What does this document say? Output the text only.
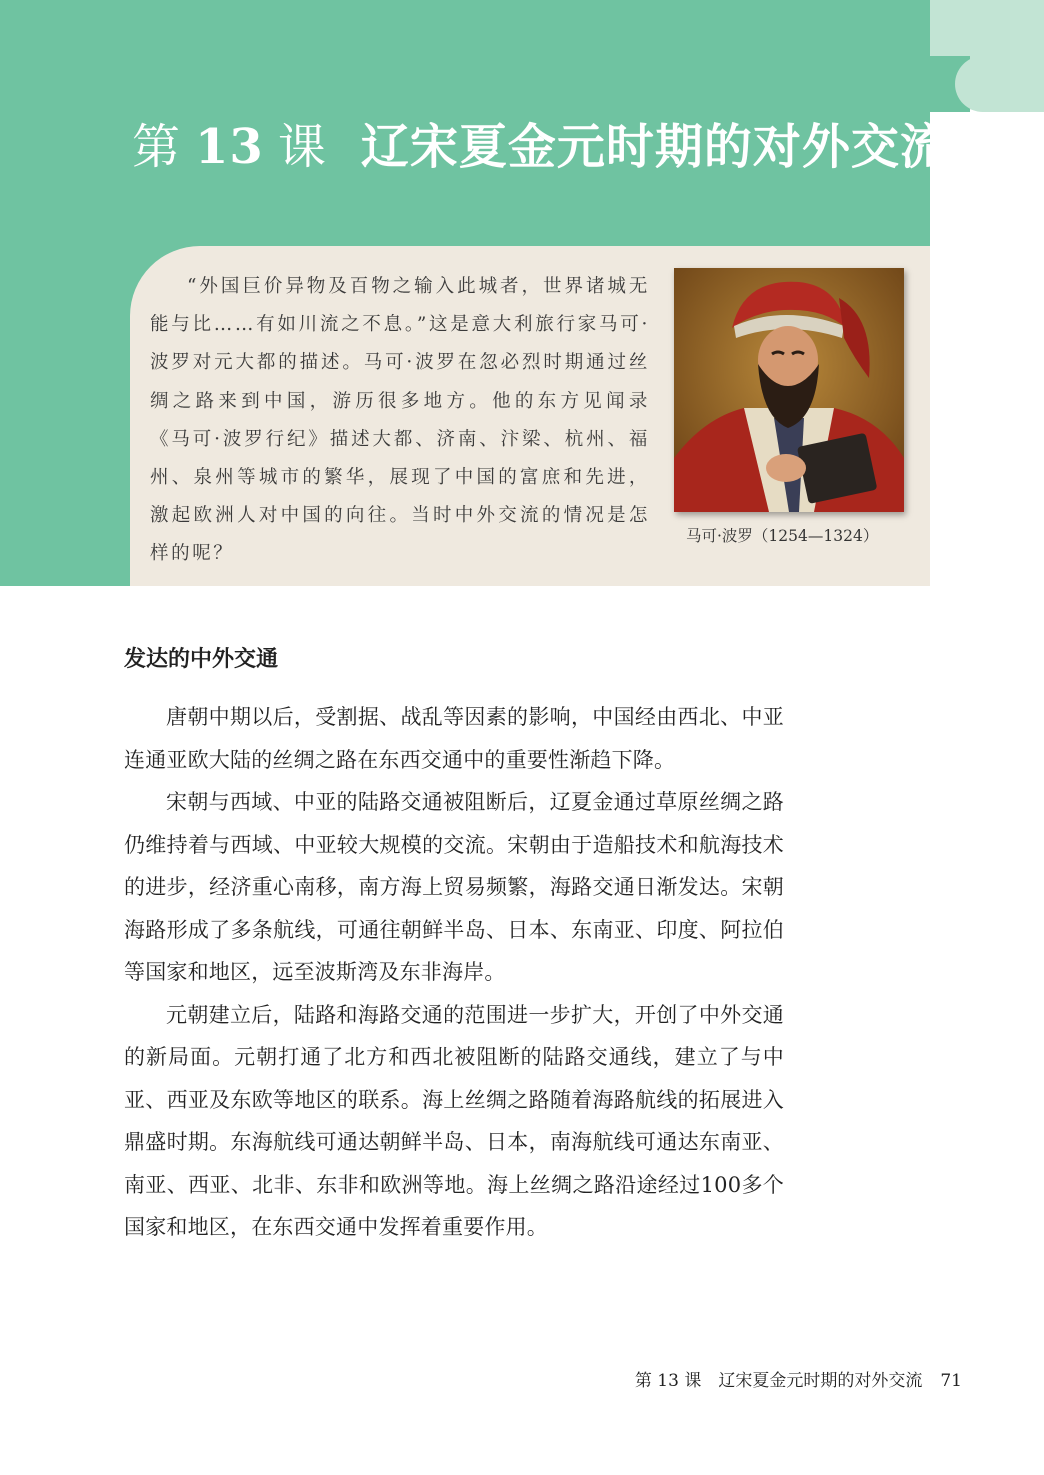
第 13 课 辽宋夏金元时期的对外交流

“外国巨价异物及百物之输入此城者，世界诸城无能与比……有如川流之不息。”这是意大利旅行家马可·波罗对元大都的描述。马可·波罗在忽必烈时期通过丝绸之路来到中国，游历很多地方。他的东方见闻录《马可·波罗行纪》描述大都、济南、汴梁、杭州、福州、泉州等城市的繁华，展现了中国的富庶和先进，激起欧洲人对中国的向往。当时中外交流的情况是怎样的呢？

马可·波罗（1254—1324）
发达的中外交通

唐朝中期以后，受割据、战乱等因素的影响，中国经由西北、中亚连通亚欧大陆的丝绸之路在东西交通中的重要性渐趋下降。

宋朝与西域、中亚的陆路交通被阻断后，辽夏金通过草原丝绸之路仍维持着与西域、中亚较大规模的交流。宋朝由于造船技术和航海技术的进步，经济重心南移，南方海上贸易频繁，海路交通日渐发达。宋朝海路形成了多条航线，可通往朝鲜半岛、日本、东南亚、印度、阿拉伯等国家和地区，远至波斯湾及东非海岸。

元朝建立后，陆路和海路交通的范围进一步扩大，开创了中外交通的新局面。元朝打通了北方和西北被阻断的陆路交通线，建立了与中亚、西亚及东欧等地区的联系。海上丝绸之路随着海路航线的拓展进入鼎盛时期。东海航线可通达朝鲜半岛、日本，南海航线可通达东南亚、南亚、西亚、北非、东非和欧洲等地。海上丝绸之路沿途经过100多个国家和地区，在东西交通中发挥着重要作用。

第 13 课　辽宋夏金元时期的对外交流 71
